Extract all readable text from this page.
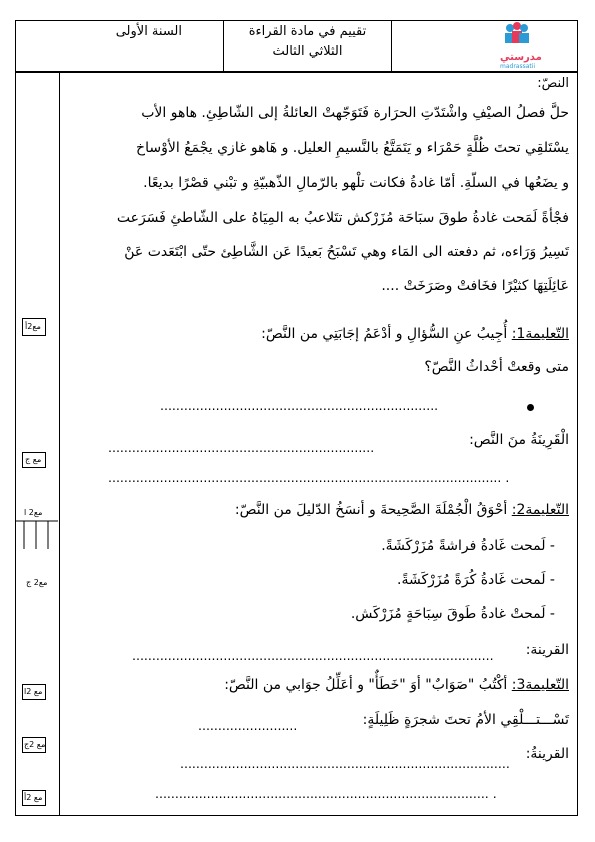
السنة الأولى	تقييم في مادة القراءة
الثلاثي الثالث	مدرستي
madrassatii
مع2أ
مع ج
مع2 ا
مع2 ج
مع 2ا
مع 2ج
مع 2أ
النصّ:
حلَّ فصلُ الصيْفِ واشْتَدّتِ الحرَارة فَتَوَجّهتْ العائلةُ إلى الشّاطِئِ. هاهو الأب
يسْتَلقِي تحتَ ظُلَّةٍ حَمْرَاء و يَتَمَتَّعُ بالنَّسيمِ العليل. و هَاهو غازي يجْمَعُ الأوْساخ
و يضَعُها في السلّةِ. أمّا غادةُ فكانت تلْهو بالرّمالِ الذّهبيّةِ و تبْني قصْرًا بديعًا.
فجْأةً لَمَحت غادةُ طوقَ سبَاحَة مُزَرْكش تتَلاعبُ به المِيَاهُ على الشّاطئِ فَسَرَعت
تَسِيرُ وَرَاءه، ثم دفعته الى المَاء وهي تَسْبَحُ بَعيدًا عَن الشَّاطِئ حتّى ابْتَعَدت عَنْ
عَائِلَتِهَا كثيْرًا فخَافتْ وصَرَخَتْ ....
التّعليمة1: أُجِيبُ عنِ السُّؤالِ و أدْعَمُ إجَابَتِي من النَّصّ:
متى وقعتْ أحْداثُ النَّصّ؟
......................................................................
الْقَرِينَةُ منَ النَّص:
...................................................................
................................................................................................... .
التّعليمة2: أحْوَقُ الْجُمْلَةَ الصَّحِيحةَ و أنسَخُ الدّليلَ من النَّصّ:
- لَمحت غَادةُ فراشةً مُزَرْكَشَةً.
- لَمحت غَادةُ كُرَةً مُزَرْكَشَةً.
- لَمحتْ غادةُ طَوقَ سِبَاحَةٍ مُزَرْكَش.
القرينة:
...........................................................................................
التّعليمة3: أكْتُبُ "صَوَابٌ" أوَ "خَطَأٌ" و أعَلِّلُ جوَابي من النَّصّ:
تَسْـــتـــلْقِي الأمُ تحتَ شجرَةٍ ظَلِيلَةٍ:
.........................
القرينةُ:
...................................................................................
.................................................................................... .
